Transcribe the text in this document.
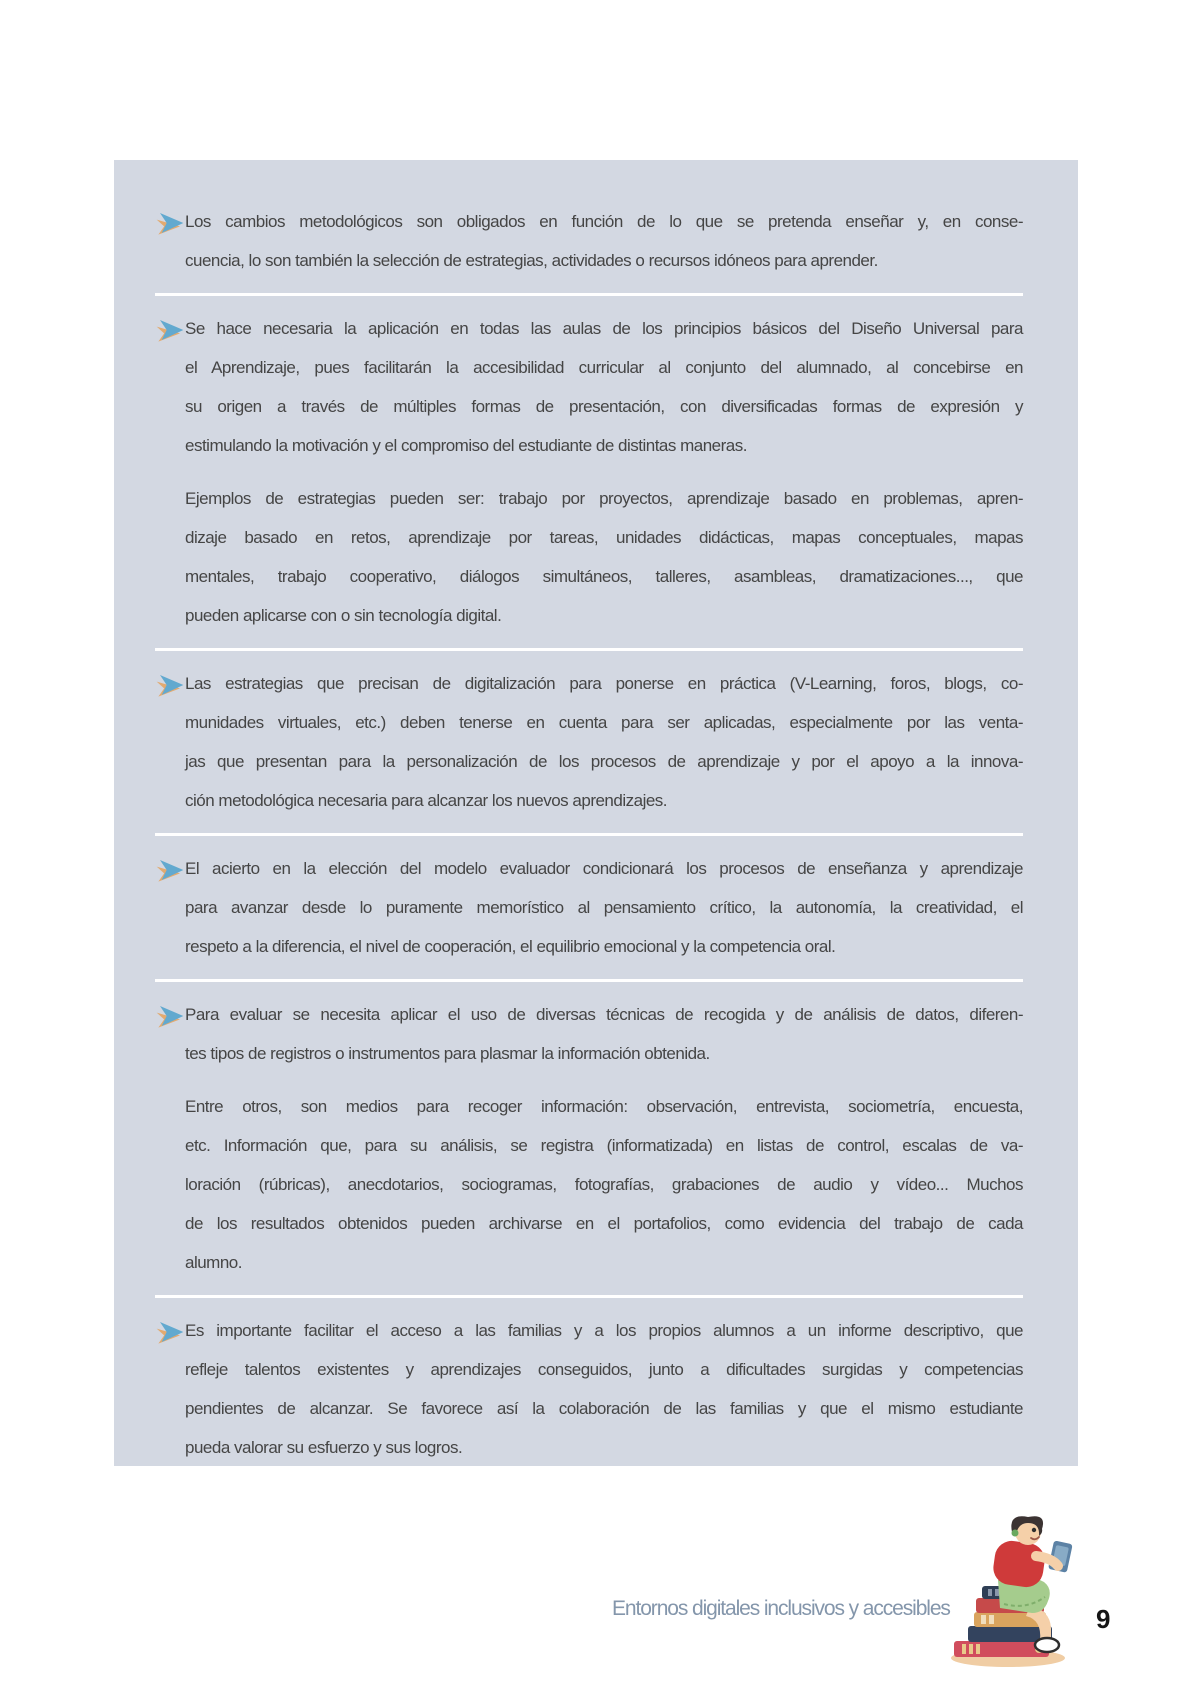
Los cambios metodológicos son obligados en función de lo que se pretenda enseñar y, en conse-
cuencia, lo son también la selección de estrategias, actividades o recursos idóneos para aprender.
Se hace necesaria la aplicación en todas las aulas de los principios básicos del Diseño Universal para
el Aprendizaje, pues facilitarán la accesibilidad curricular al conjunto del alumnado, al concebirse en
su origen a través de múltiples formas de presentación, con diversificadas formas de expresión y
estimulando la motivación y el compromiso del estudiante de distintas maneras.
Ejemplos de estrategias pueden ser: trabajo por proyectos, aprendizaje basado en problemas, apren-
dizaje basado en retos, aprendizaje por tareas, unidades didácticas, mapas conceptuales, mapas
mentales, trabajo cooperativo, diálogos simultáneos, talleres, asambleas, dramatizaciones..., que
pueden aplicarse con o sin tecnología digital.
Las estrategias que precisan de digitalización para ponerse en práctica (V-Learning, foros, blogs, co-
munidades virtuales, etc.) deben tenerse en cuenta para ser aplicadas, especialmente por las venta-
jas que presentan para la personalización de los procesos de aprendizaje y por el apoyo a la innova-
ción metodológica necesaria para alcanzar los nuevos aprendizajes.
El acierto en la elección del modelo evaluador condicionará los procesos de enseñanza y aprendizaje
para avanzar desde lo puramente memorístico al pensamiento crítico, la autonomía, la creatividad, el
respeto a la diferencia, el nivel de cooperación, el equilibrio emocional y la competencia oral.
Para evaluar se necesita aplicar el uso de diversas técnicas de recogida y de análisis de datos, diferen-
tes tipos de registros o instrumentos para plasmar la información obtenida.
Entre otros, son medios para recoger información: observación, entrevista, sociometría, encuesta,
etc. Información que, para su análisis, se registra (informatizada) en listas de control, escalas de va-
loración (rúbricas), anecdotarios, sociogramas, fotografías, grabaciones de audio y vídeo... Muchos
de los resultados obtenidos pueden archivarse en el portafolios, como evidencia del trabajo de cada
alumno.
Es importante facilitar el acceso a las familias y a los propios alumnos a un informe descriptivo, que
refleje talentos existentes y aprendizajes conseguidos, junto a dificultades surgidas y competencias
pendientes de alcanzar. Se favorece así la colaboración de las familias y que el mismo estudiante
pueda valorar su esfuerzo y sus logros.
Entornos digitales inclusivos y accesibles	9
